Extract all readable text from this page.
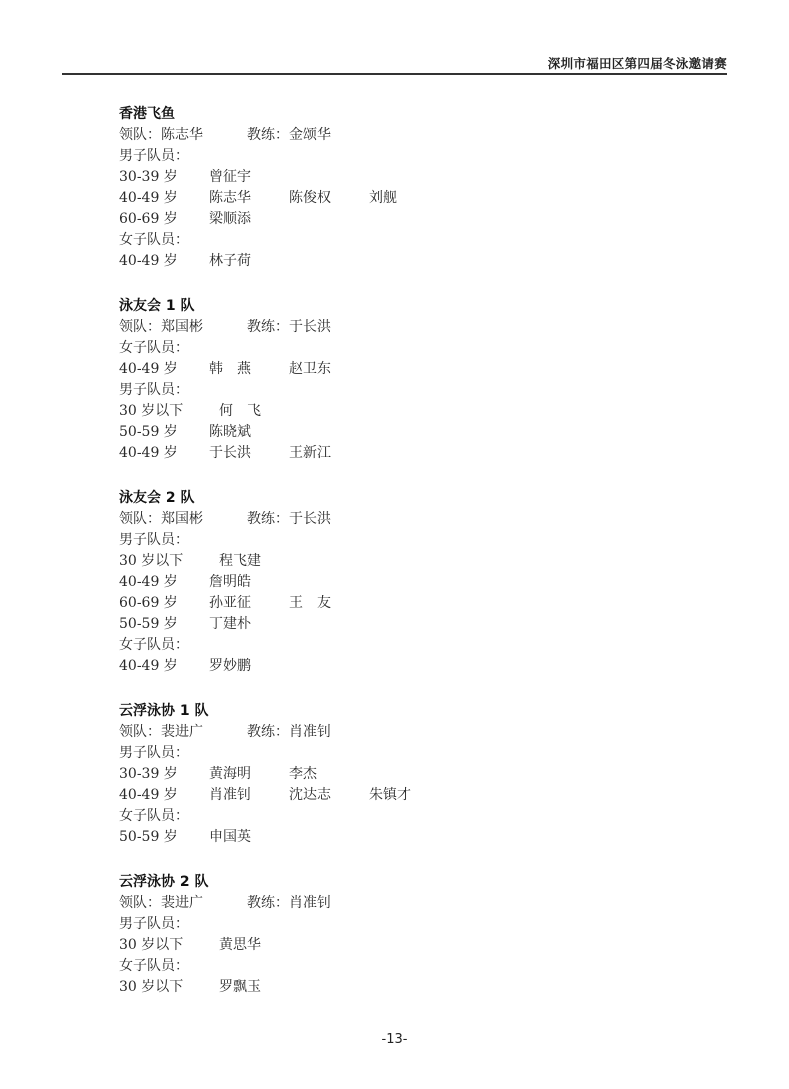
深圳市福田区第四届冬泳邀请赛
香港飞鱼
领队：陈志华	教练：金颂华
男子队员：
30-39 岁	曾征宇
40-49 岁	陈志华	陈俊权	刘舰
60-69 岁	梁顺添
女子队员：
40-49 岁	林子荷
泳友会 1 队
领队：郑国彬	教练：于长洪
女子队员：
40-49 岁	韩　燕	赵卫东
男子队员：
30 岁以下	何　飞
50-59 岁	陈晓斌
40-49 岁	于长洪	王新江
泳友会 2 队
领队：郑国彬	教练：于长洪
男子队员：
30 岁以下	程飞建
40-49 岁	詹明皓
60-69 岁	孙亚征	王　友
50-59 岁	丁建朴
女子队员：
40-49 岁	罗妙鹏
云浮泳协 1 队
领队：裴进广	教练：肖准钊
男子队员：
30-39 岁	黄海明	李杰
40-49 岁	肖准钊	沈达志	朱镇才
女子队员：
50-59 岁	申国英
云浮泳协 2 队
领队：裴进广	教练：肖准钊
男子队员：
30 岁以下	黄思华
女子队员：
30 岁以下	罗飘玉
-13-
